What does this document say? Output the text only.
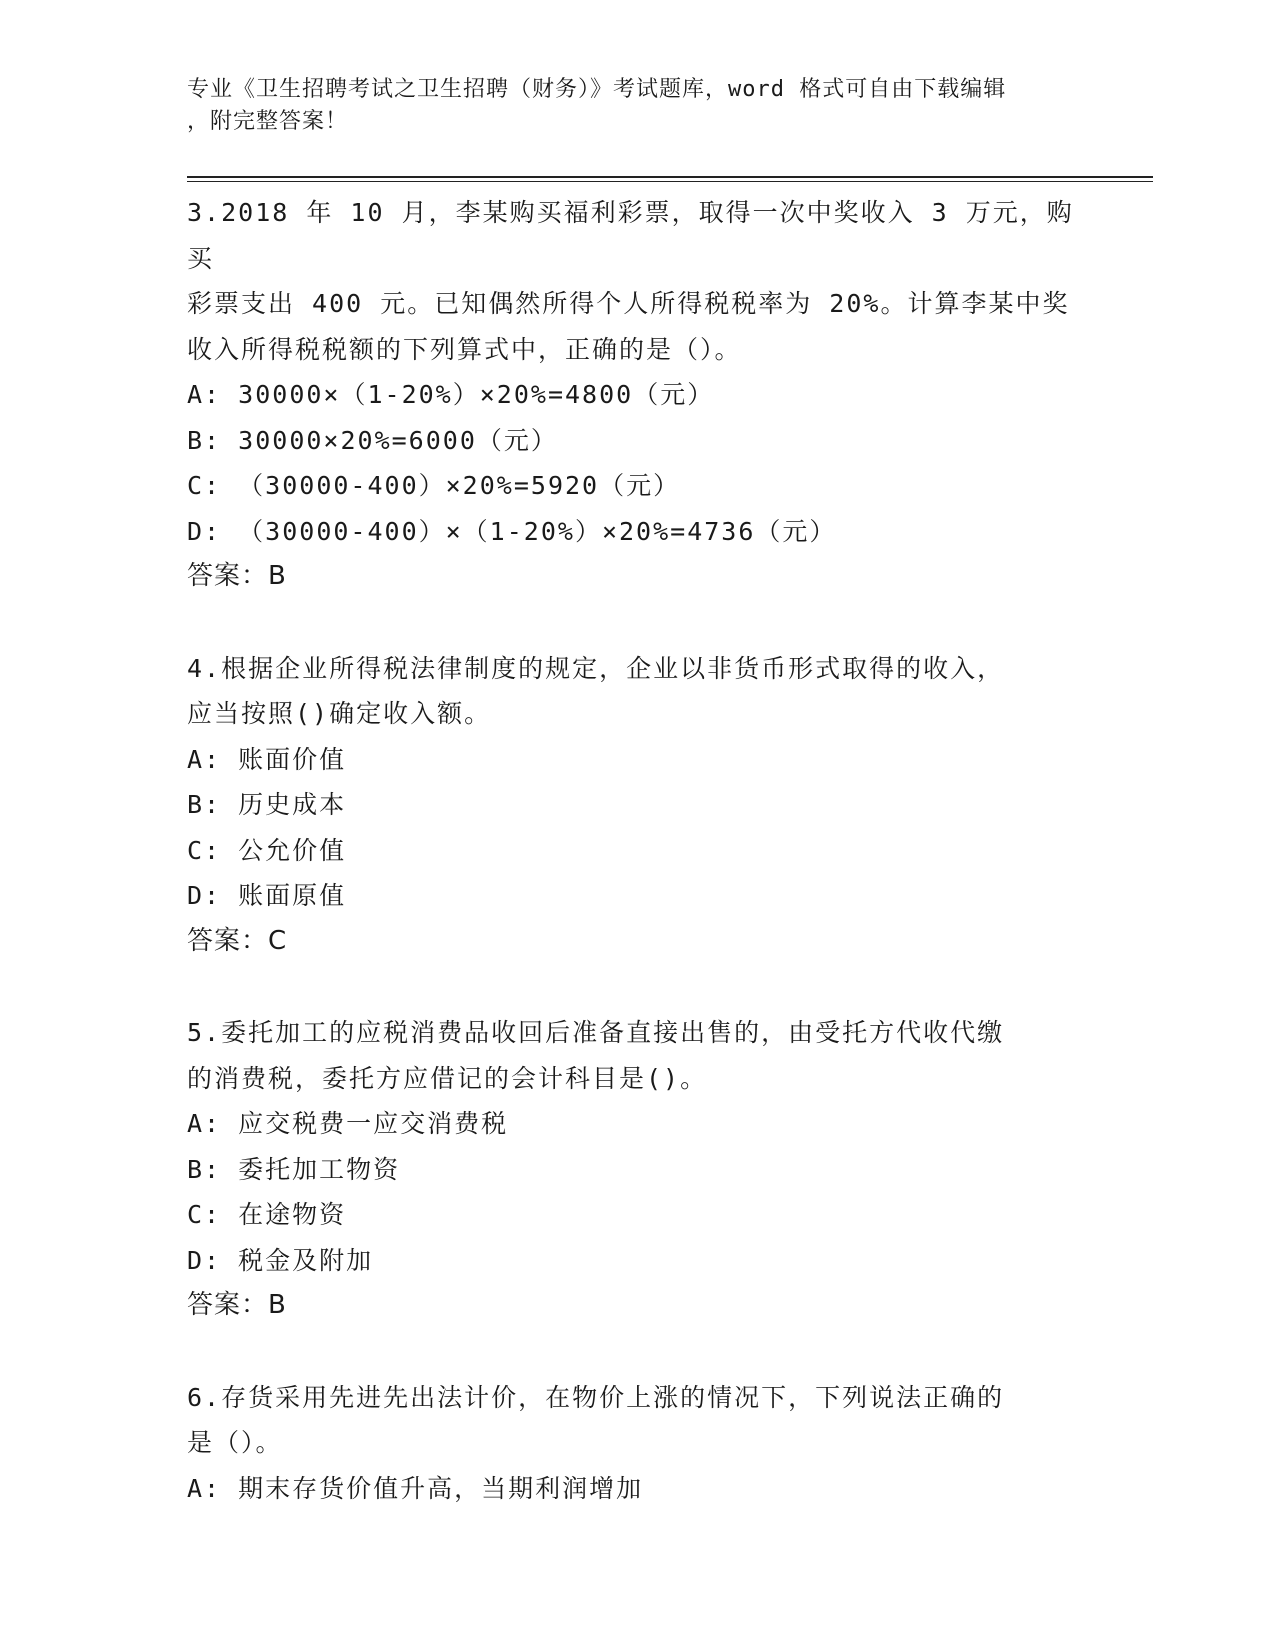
专业《卫生招聘考试之卫生招聘（财务）》考试题库，word 格式可自由下载编辑
，附完整答案！
3.2018 年 10 月，李某购买福利彩票，取得一次中奖收入 3 万元，购买
彩票支出 400 元。已知偶然所得个人所得税税率为 20%。计算李某中奖
收入所得税税额的下列算式中，正确的是（）。
A: 30000×（1-20%）×20%=4800（元）
B: 30000×20%=6000（元）
C: （30000-400）×20%=5920（元）
D: （30000-400）×（1-20%）×20%=4736（元）
答案：B
4.根据企业所得税法律制度的规定，企业以非货币形式取得的收入，
应当按照()确定收入额。
A: 账面价值
B: 历史成本
C: 公允价值
D: 账面原值
答案：C
5.委托加工的应税消费品收回后准备直接出售的，由受托方代收代缴
的消费税，委托方应借记的会计科目是()。
A: 应交税费一应交消费税
B: 委托加工物资
C: 在途物资
D: 税金及附加
答案：B
6.存货采用先进先出法计价，在物价上涨的情况下，下列说法正确的
是（）。
A: 期末存货价值升高，当期利润增加
